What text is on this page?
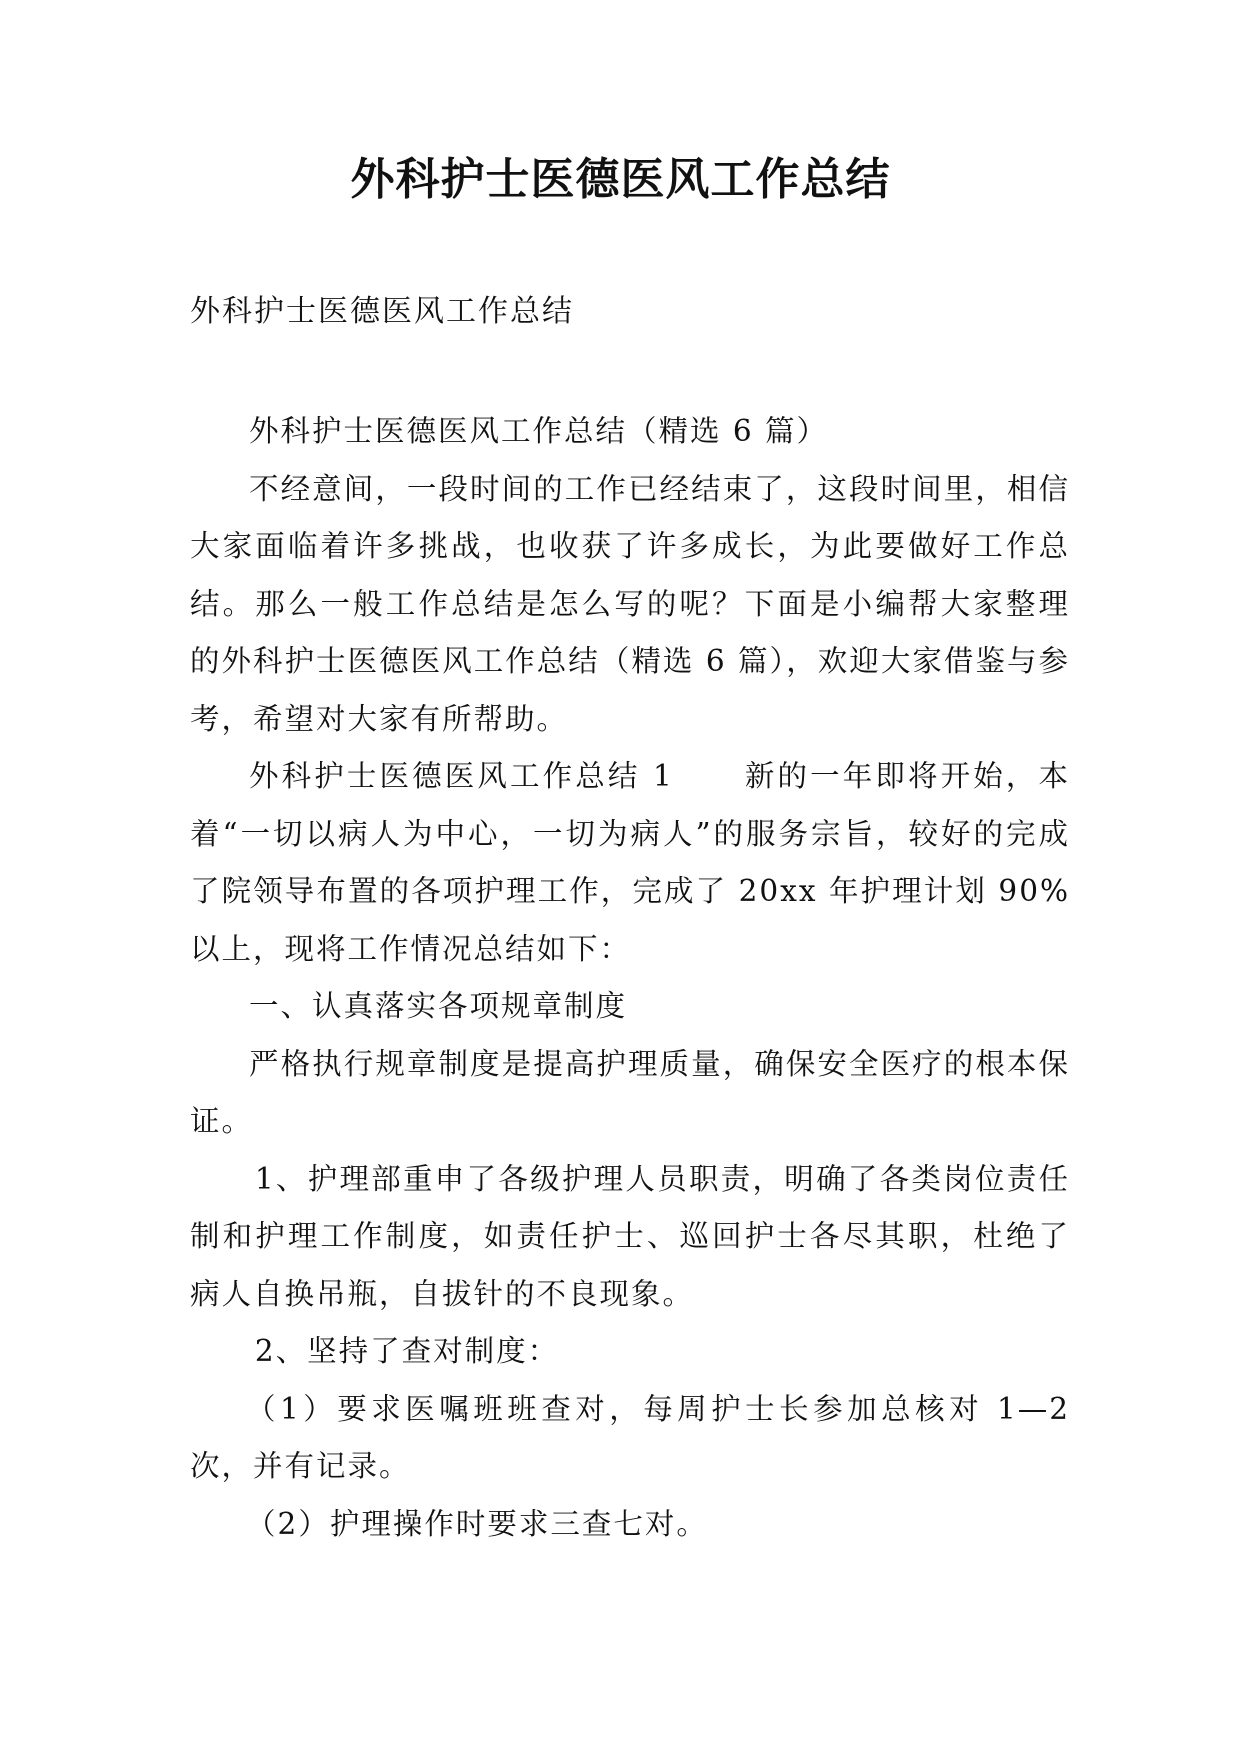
外科护士医德医风工作总结

外科护士医德医风工作总结

外科护士医德医风工作总结（精选 6 篇）

不经意间，一段时间的工作已经结束了，这段时间里，相信大家面临着许多挑战，也收获了许多成长，为此要做好工作总结。那么一般工作总结是怎么写的呢？下面是小编帮大家整理的外科护士医德医风工作总结（精选 6 篇），欢迎大家借鉴与参考，希望对大家有所帮助。

外科护士医德医风工作总结 1 新的一年即将开始，本着“一切以病人为中心，一切为病人”的服务宗旨，较好的完成了院领导布置的各项护理工作，完成了 20xx 年护理计划 90%以上，现将工作情况总结如下：

一、认真落实各项规章制度

严格执行规章制度是提高护理质量，确保安全医疗的根本保证。

1、护理部重申了各级护理人员职责，明确了各类岗位责任制和护理工作制度，如责任护士、巡回护士各尽其职，杜绝了病人自换吊瓶，自拔针的不良现象。

2、坚持了查对制度：

（1）要求医嘱班班查对，每周护士长参加总核对 1—2 次，并有记录。

（2）护理操作时要求三查七对。
